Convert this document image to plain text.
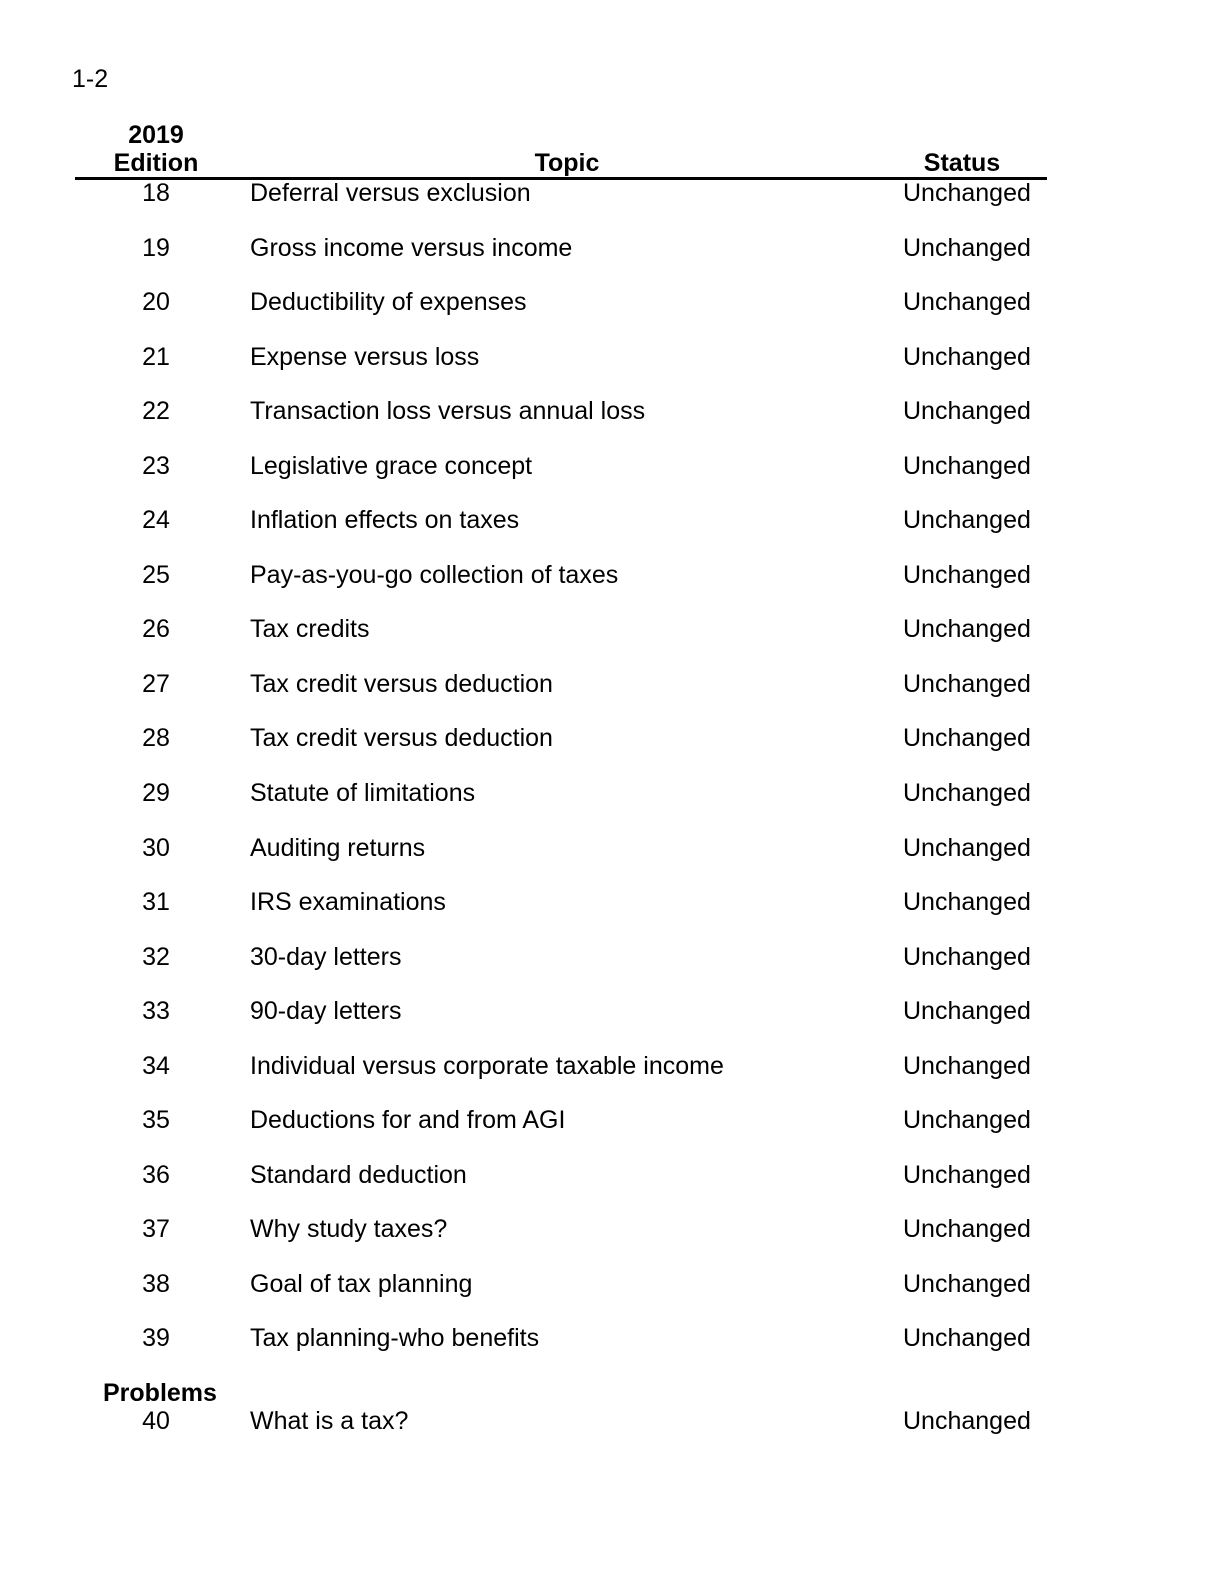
1-2
2019
Edition	Topic	Status
18	Deferral versus exclusion	Unchanged
19	Gross income versus income	Unchanged
20	Deductibility of expenses	Unchanged
21	Expense versus loss	Unchanged
22	Transaction loss versus annual loss	Unchanged
23	Legislative grace concept	Unchanged
24	Inflation effects on taxes	Unchanged
25	Pay-as-you-go collection of taxes	Unchanged
26	Tax credits	Unchanged
27	Tax credit versus deduction	Unchanged
28	Tax credit versus deduction	Unchanged
29	Statute of limitations	Unchanged
30	Auditing returns	Unchanged
31	IRS examinations	Unchanged
32	30-day letters	Unchanged
33	90-day letters	Unchanged
34	Individual versus corporate taxable income	Unchanged
35	Deductions for and from AGI	Unchanged
36	Standard deduction	Unchanged
37	Why study taxes?	Unchanged
38	Goal of tax planning	Unchanged
39	Tax planning-who benefits	Unchanged
Problems
40	What is a tax?	Unchanged
